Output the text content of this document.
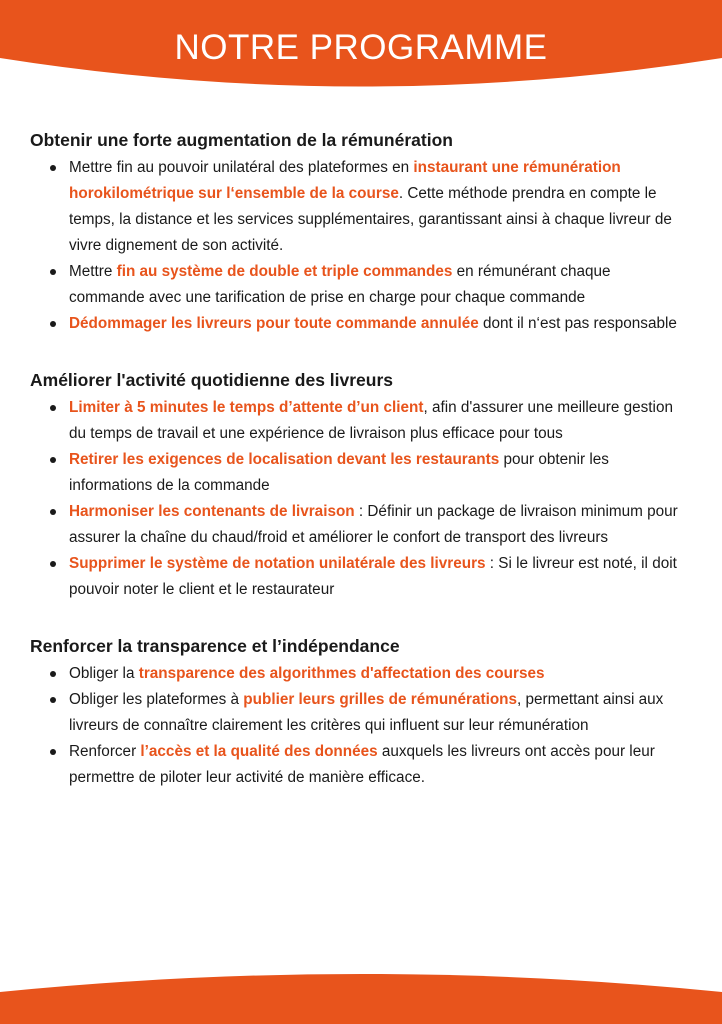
NOTRE PROGRAMME
Obtenir une forte augmentation de la rémunération
Mettre fin au pouvoir unilatéral des plateformes en instaurant une rémunération horokilométrique sur l‘ensemble de la course. Cette méthode prendra en compte le temps, la distance et les services supplémentaires, garantissant ainsi à chaque livreur de vivre dignement de son activité.
Mettre fin au système de double et triple commandes en rémunérant chaque commande avec une tarification de prise en charge pour chaque commande
Dédommager les livreurs pour toute commande annulée dont il n‘est pas responsable
Améliorer l'activité quotidienne des livreurs
Limiter à 5 minutes le temps d’attente d’un client, afin d'assurer une meilleure gestion du temps de travail et une expérience de livraison plus efficace pour tous
Retirer les exigences de localisation devant les restaurants pour obtenir les informations de la commande
Harmoniser les contenants de livraison : Définir un package de livraison minimum pour assurer la chaîne du chaud/froid et améliorer le confort de transport des livreurs
Supprimer le système de notation unilatérale des livreurs : Si le livreur est noté, il doit pouvoir noter le client et le restaurateur
Renforcer la transparence et l’indépendance
Obliger la transparence des algorithmes d'affectation des courses
Obliger les plateformes à publier leurs grilles de rémunérations, permettant ainsi aux livreurs de connaître clairement les critères qui influent sur leur rémunération
Renforcer l’accès et la qualité des données auxquels les livreurs ont accès pour leur permettre de piloter leur activité de manière efficace.
